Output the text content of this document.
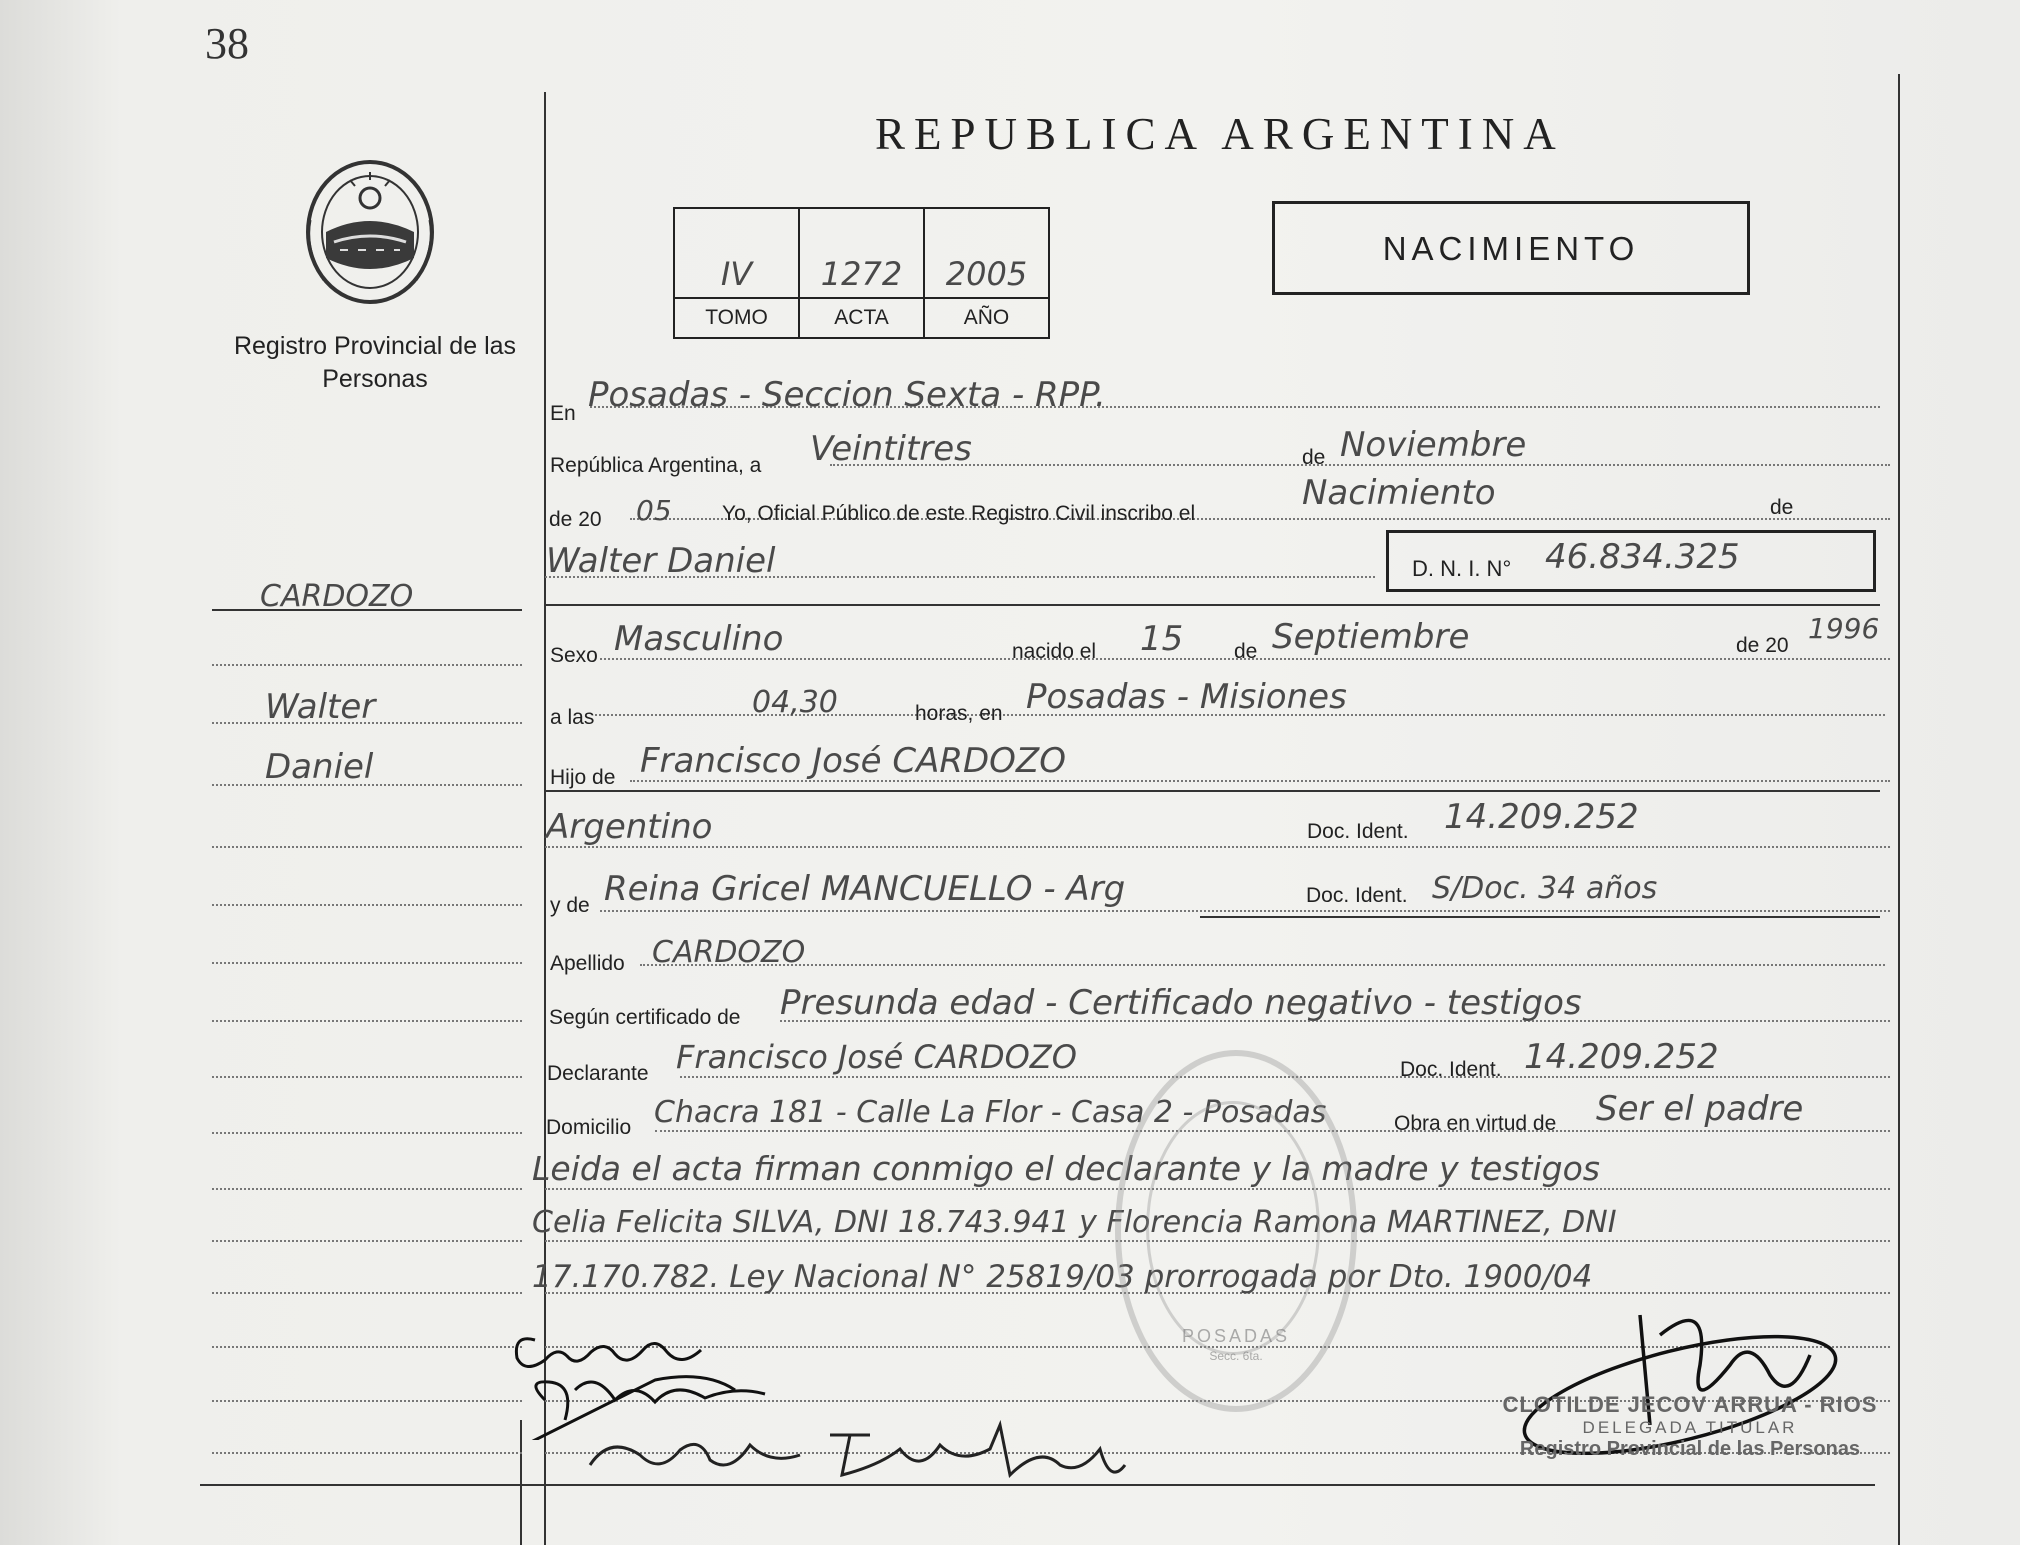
38
REPUBLICA ARGENTINA
Registro Provincial de las Personas
IV	1272	2005

TOMO	ACTA	AÑO
NACIMIENTO
CARDOZO
Walter
Daniel
En Posadas - Seccion Sexta - RPP.
República Argentina, a Veintitres	de Noviembre
de 20 05 Yo, Oficial Público de este Registro Civil inscribo el
Nacimiento	de
Walter Daniel	D. N. I. N° 46.834.325
Sexo Masculino	nacido el 15 de Septiembre	de 20
1996
a las	04,30	horas, en Posadas - Misiones
Hijo de Francisco José CARDOZO
Argentino	Doc. Ident. 14.209.252
y de Reina Gricel MANCUELLO - Arg	Doc. Ident. S/Doc. 34 años
Apellido CARDOZO
Según certificado de Presunda edad - Certificado negativo - testigos
Declarante Francisco José CARDOZO	Doc. Ident. 14.209.252
Domicilio Chacra 181 - Calle La Flor - Casa 2 - Posadas	Obra en virtud de Ser el padre
Leida el acta firman conmigo el declarante y la madre y testigos
Celia Felicita SILVA, DNI 18.743.941 y Florencia Ramona MARTINEZ, DNI
17.170.782. Ley Nacional N° 25819/03 prorrogada por Dto. 1900/04
POSADAS
Secc. 6ta.
CLOTILDE JECOV ARRUA - RIOS
DELEGADA TITULAR
Registro Provincial de las Personas
